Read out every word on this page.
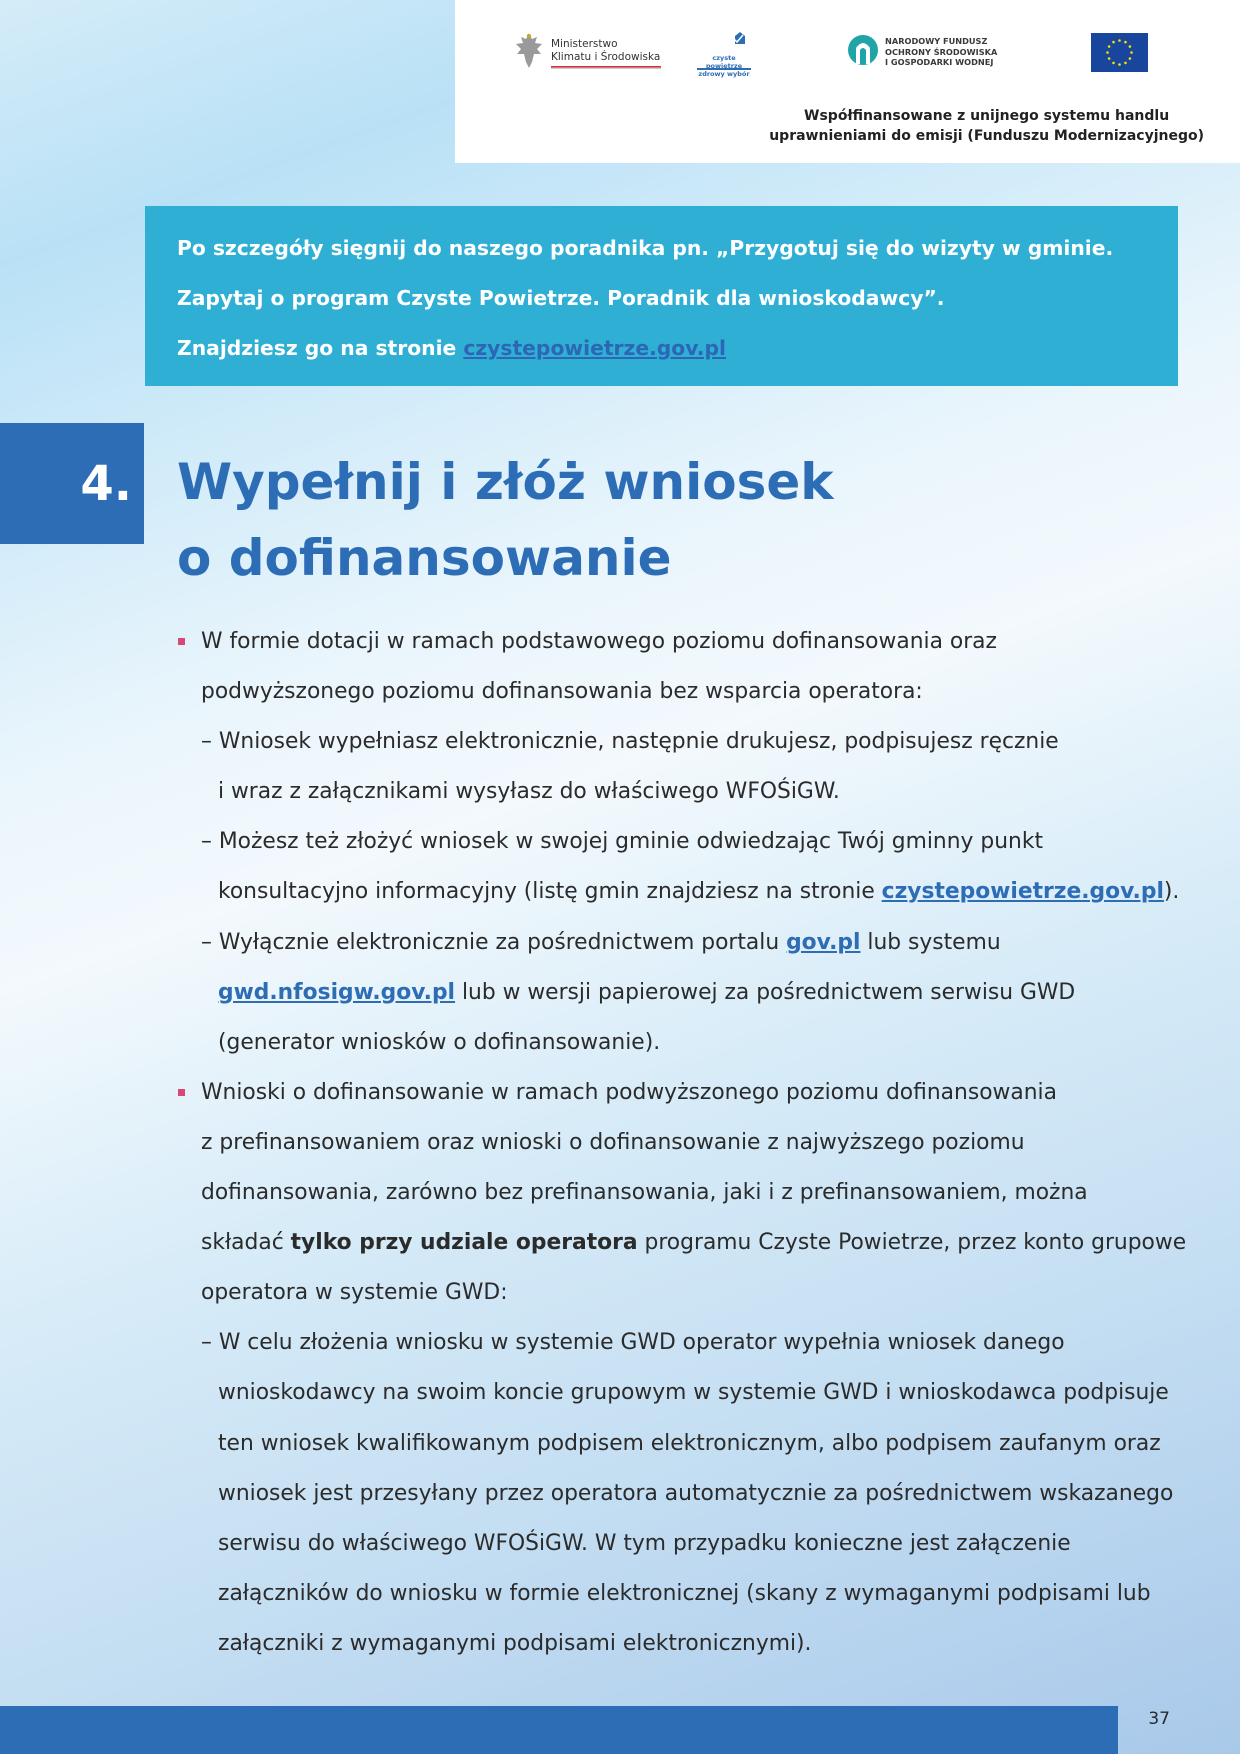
Ministerstwo
Klimatu i Środowiska	czyste powietrze
zdrowy wybór
NARODOWY FUNDUSZ
OCHRONY ŚRODOWISKA
I GOSPODARKI WODNEJ
Współfinansowane z unijnego systemu handlu
uprawnieniami do emisji (Funduszu Modernizacyjnego)
Po szczegóły sięgnij do naszego poradnika pn. „Przygotuj się do wizyty w gminie.
Zapytaj o program Czyste Powietrze. Poradnik dla wnioskodawcy”.
Znajdziesz go na stronie czystepowietrze.gov.pl
4. Wypełnij i złóż wniosek
o dofinansowanie
W formie dotacji w ramach podstawowego poziomu dofinansowania oraz
podwyższonego poziomu dofinansowania bez wsparcia operatora:
– Wniosek wypełniasz elektronicznie, następnie drukujesz, podpisujesz ręcznie
i wraz z załącznikami wysyłasz do właściwego WFOŚiGW.
– Możesz też złożyć wniosek w swojej gminie odwiedzając Twój gminny punkt
konsultacyjno informacyjny (listę gmin znajdziesz na stronie czystepowietrze.gov.pl).
– Wyłącznie elektronicznie za pośrednictwem portalu gov.pl lub systemu
gwd.nfosigw.gov.pl lub w wersji papierowej za pośrednictwem serwisu GWD
(generator wniosków o dofinansowanie).
Wnioski o dofinansowanie w ramach podwyższonego poziomu dofinansowania
z prefinansowaniem oraz wnioski o dofinansowanie z najwyższego poziomu
dofinansowania, zarówno bez prefinansowania, jaki i z prefinansowaniem, można
składać tylko przy udziale operatora programu Czyste Powietrze, przez konto grupowe
operatora w systemie GWD:
– W celu złożenia wniosku w systemie GWD operator wypełnia wniosek danego
wnioskodawcy na swoim koncie grupowym w systemie GWD i wnioskodawca podpisuje
ten wniosek kwalifikowanym podpisem elektronicznym, albo podpisem zaufanym oraz
wniosek jest przesyłany przez operatora automatycznie za pośrednictwem wskazanego
serwisu do właściwego WFOŚiGW. W tym przypadku konieczne jest załączenie
załączników do wniosku w formie elektronicznej (skany z wymaganymi podpisami lub
załączniki z wymaganymi podpisami elektronicznymi).
37
